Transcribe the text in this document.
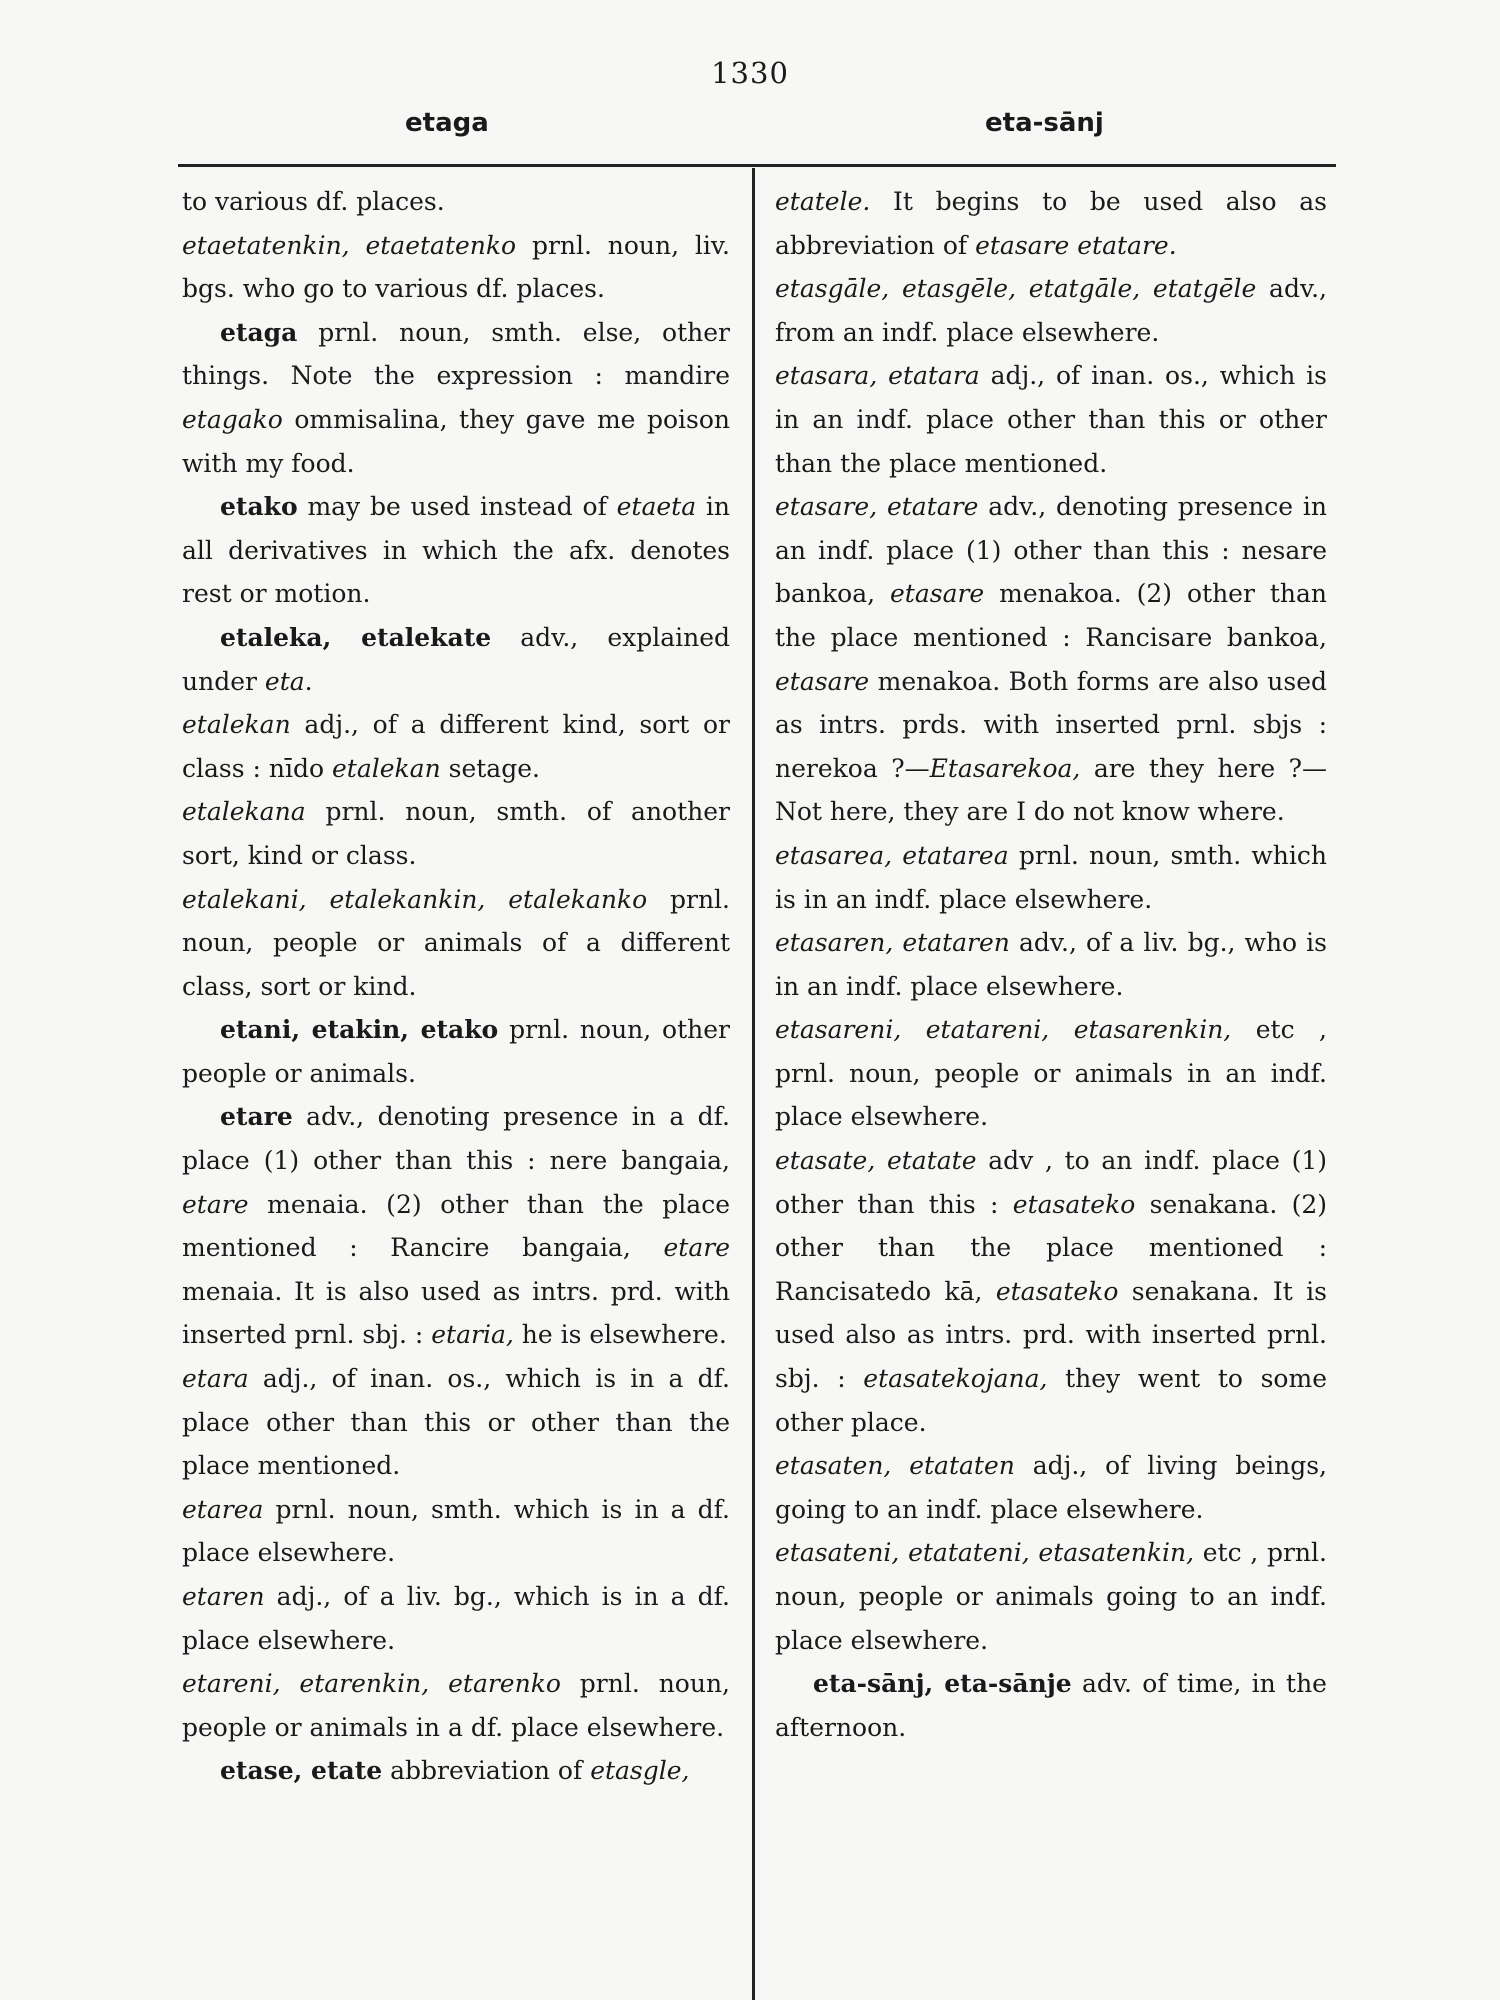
1330
etaga	eta-sānj

to various df. places.

etaetatenkin, etaetatenko prnl. noun, liv. bgs. who go to various df. places.

etaga prnl. noun, smth. else, other things. Note the expression : mandire etagako ommisalina, they gave me poison with my food.

etako may be used instead of etaeta in all derivatives in which the afx. denotes rest or motion.

etaleka, etalekate adv., explained under eta.

etalekan adj., of a different kind, sort or class : nīdo etalekan setage.

etalekana prnl. noun, smth. of another sort, kind or class.

etalekani, etalekankin, etalekanko prnl. noun, people or animals of a different class, sort or kind.

etani, etakin, etako prnl. noun, other people or animals.

etare adv., denoting presence in a df. place (1) other than this : nere bangaia, etare menaia. (2) other than the place mentioned : Rancire bangaia, etare menaia. It is also used as intrs. prd. with inserted prnl. sbj. : etaria, he is elsewhere.

etara adj., of inan. os., which is in a df. place other than this or other than the place mentioned.

etarea prnl. noun, smth. which is in a df. place elsewhere.

etaren adj., of a liv. bg., which is in a df. place elsewhere.

etareni, etarenkin, etarenko prnl. noun, people or animals in a df. place elsewhere.

etase, etate abbreviation of etasgle,

etatele. It begins to be used also as abbreviation of etasare etatare.

etasgāle, etasgēle, etatgāle, etatgēle adv., from an indf. place elsewhere.

etasara, etatara adj., of inan. os., which is in an indf. place other than this or other than the place mentioned.

etasare, etatare adv., denoting presence in an indf. place (1) other than this : nesare bankoa, etasare menakoa. (2) other than the place mentioned : Rancisare bankoa, etasare menakoa. Both forms are also used as intrs. prds. with inserted prnl. sbjs : nerekoa ?—Etasarekoa, are they here ?—Not here, they are I do not know where.

etasarea, etatarea prnl. noun, smth. which is in an indf. place elsewhere.

etasaren, etataren adv., of a liv. bg., who is in an indf. place elsewhere.

etasareni, etatareni, etasarenkin, etc , prnl. noun, people or animals in an indf. place elsewhere.

etasate, etatate adv , to an indf. place (1) other than this : etasateko senakana. (2) other than the place mentioned : Rancisatedo kā, etasateko senakana. It is used also as intrs. prd. with inserted prnl. sbj. : etasatekojana, they went to some other place.

etasaten, etataten adj., of living beings, going to an indf. place elsewhere.

etasateni, etatateni, etasatenkin, etc , prnl. noun, people or animals going to an indf. place elsewhere.

eta-sānj, eta-sānje adv. of time, in the afternoon.
